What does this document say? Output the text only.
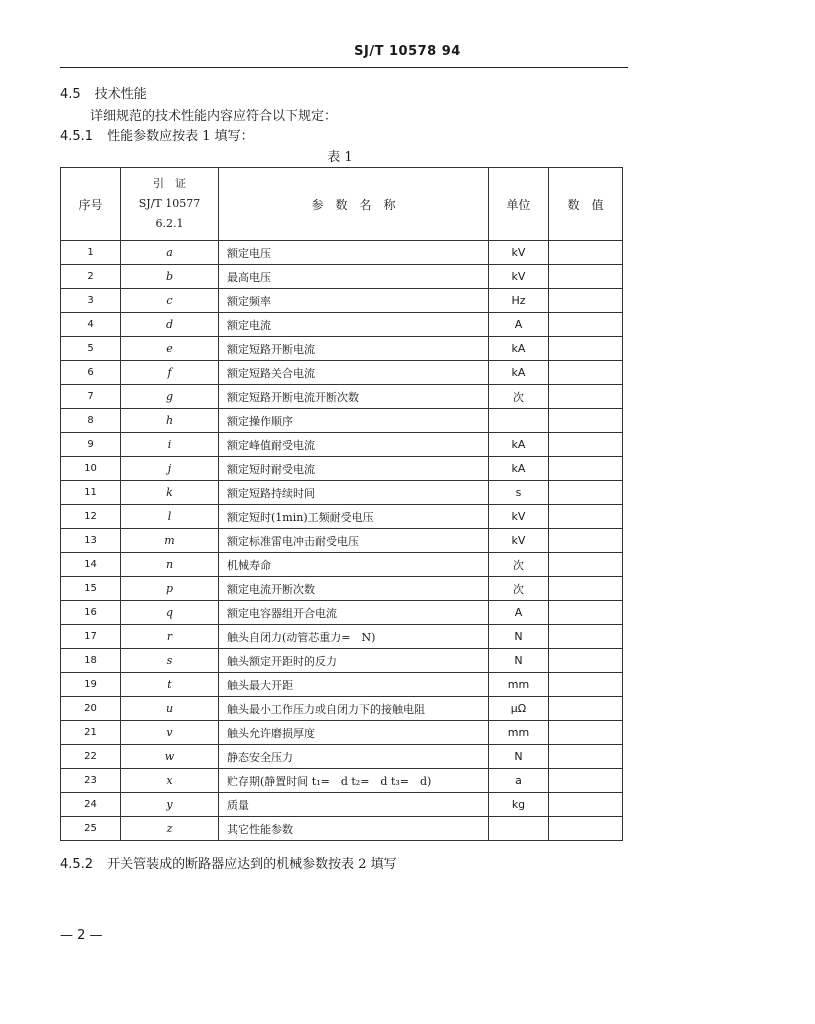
SJ/T 10578 94
4.5 技术性能
详细规范的技术性能内容应符合以下规定：
4.5.1 性能参数应按表 1 填写：
表 1
序号	引　证
SJ/T 10577
6.2.1	参　数　名　称	单位	数　值
1	a	额定电压	kV	
2	b	最高电压	kV	
3	c	额定频率	Hz	
4	d	额定电流	A	
5	e	额定短路开断电流	kA	
6	f	额定短路关合电流	kA	
7	g	额定短路开断电流开断次数	次	
8	h	额定操作顺序		
9	i	额定峰值耐受电流	kA	
10	j	额定短时耐受电流	kA	
11	k	额定短路持续时间	s	
12	l	额定短时(1min)工频耐受电压	kV	
13	m	额定标准雷电冲击耐受电压	kV	
14	n	机械寿命	次	
15	p	额定电流开断次数	次	
16	q	额定电容器组开合电流	A	
17	r	触头自闭力(动管芯重力=　N)	N	
18	s	触头额定开距时的反力	N	
19	t	触头最大开距	mm	
20	u	触头最小工作压力或自闭力下的接触电阻	μΩ	
21	v	触头允许磨损厚度	mm	
22	w	静态安全压力	N	
23	x	贮存期(静置时间 t₁=　d t₂=　d t₃=　d)	a	
24	y	质量	kg	
25	z	其它性能参数		
4.5.2 开关管装成的断路器应达到的机械参数按表 2 填写
— 2 —
